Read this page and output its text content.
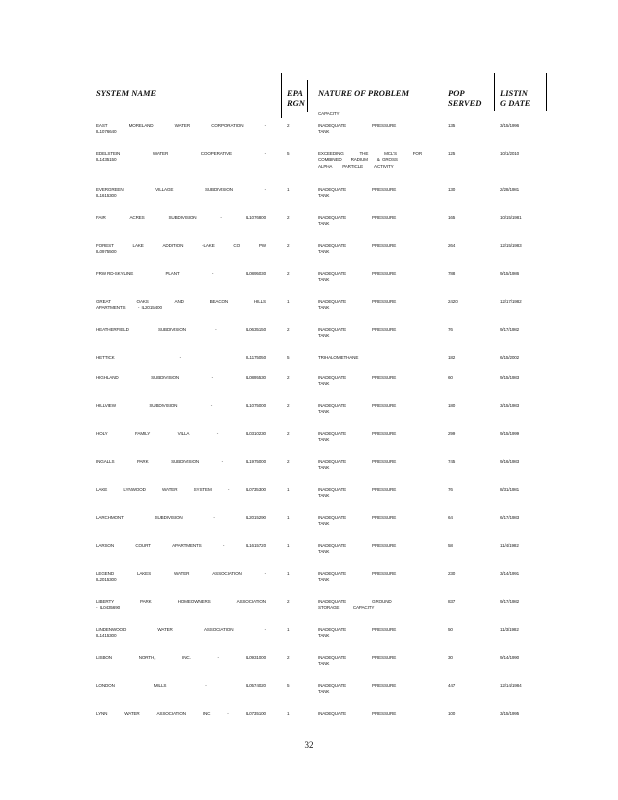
SYSTEM NAME	EPA
RGN
NATURE OF PROBLEM	POP
SERVED
LISTIN
G DATE
CAPACITY
EAST	MORELAND	WATER	CORPORATION	-
IL1076640
2	INADEQUATE	PRESSURE
TANK
135	3/15/1996
EDELSTEIN	WATER	COOPERATIVE	-
IL1435150
5	EXCEEDING	THE	MCL'S	FOR
COMBINED        RADIUM        &  GROSS
ALPHA         PARTICLE          ACTIVITY
125	10/1/2010
EVERGREEN	VILLAGE	SUBDIVISION	-
IL1615300
1	INADEQUATE	PRESSURE
TANK
130	2/28/1981
FAIR	ACRES	SUBDIVISION	-	IL1076800	2	INADEQUATE	PRESSURE
TANK
165	10/15/1981
FOREST	LAKE	ADDITION	-LAKE	CO	PW
IL0975500
2	INADEQUATE	PRESSURE
TANK
264	12/15/1983
FRW RD-SKYLINE	PLANT	-	IL0895030	2	INADEQUATE	PRESSURE
TANK
788	9/15/1986
GREAT	OAKS	AND	BEACON	HILLS
APARTMENTS           -  IL2015400
1	INADEQUATE	PRESSURE
TANK
2420	12/17/1982
HEATHERFIELD	SUBDIVISION	-	IL0635150	2	INADEQUATE	PRESSURE
TANK
76	9/17/1982
HETTICK	-	IL1175050	5	TRIHALOMETHANE	182	6/15/2002
HIGHLAND	SUBDIVISION	-	IL0895530	2	INADEQUATE	PRESSURE
TANK
60	9/15/1983
HILLVIEW	SUBDIVISION	-	IL1075000	2	INADEQUATE	PRESSURE
TANK
180	3/15/1983
HOLY	FAMILY	VILLA	-	IL0310230	2	INADEQUATE	PRESSURE
TANK
299	9/15/1999
INGALLS	PARK	SUBDIVISION	-	IL1975000	2	INADEQUATE	PRESSURE
TANK
745	9/16/1983
LAKE	LYNWOOD	WATER	SYSTEM	-	IL0735300	1	INADEQUATE	PRESSURE
TANK
76	8/31/1981
LARCHMONT	SUBDIVISION	-	IL2015290	1	INADEQUATE	PRESSURE
TANK
64	6/17/1983
LARSON	COURT	APARTMENTS	-	IL1615720	1	INADEQUATE	PRESSURE
TANK
58	11/4/1982
LEGEND	LAKES	WATER	ASSOCIATION	-
IL2015300
1	INADEQUATE	PRESSURE
TANK
230	3/14/1991
LIBERTY	PARK	HOMEOWNERS	ASSOCIATION
-  IL0435690
2	INADEQUATE	GROUND
STORAGE            CAPACITY
837	9/17/1982
LINDENWOOD	WATER	ASSOCIATION	-
IL1415300
1	INADEQUATE	PRESSURE
TANK
50	11/3/1982
LISBON	NORTH,	INC.	-	IL0931000	2	INADEQUATE	PRESSURE
TANK
30	9/14/1990
LONDON	MILLS	-	IL0574020	5	INADEQUATE	PRESSURE
TANK
447	12/14/1984
LYNN	WATER	ASSOCIATION	INC	-	IL0735100	1	INADEQUATE	PRESSURE	100	3/15/1995
32
